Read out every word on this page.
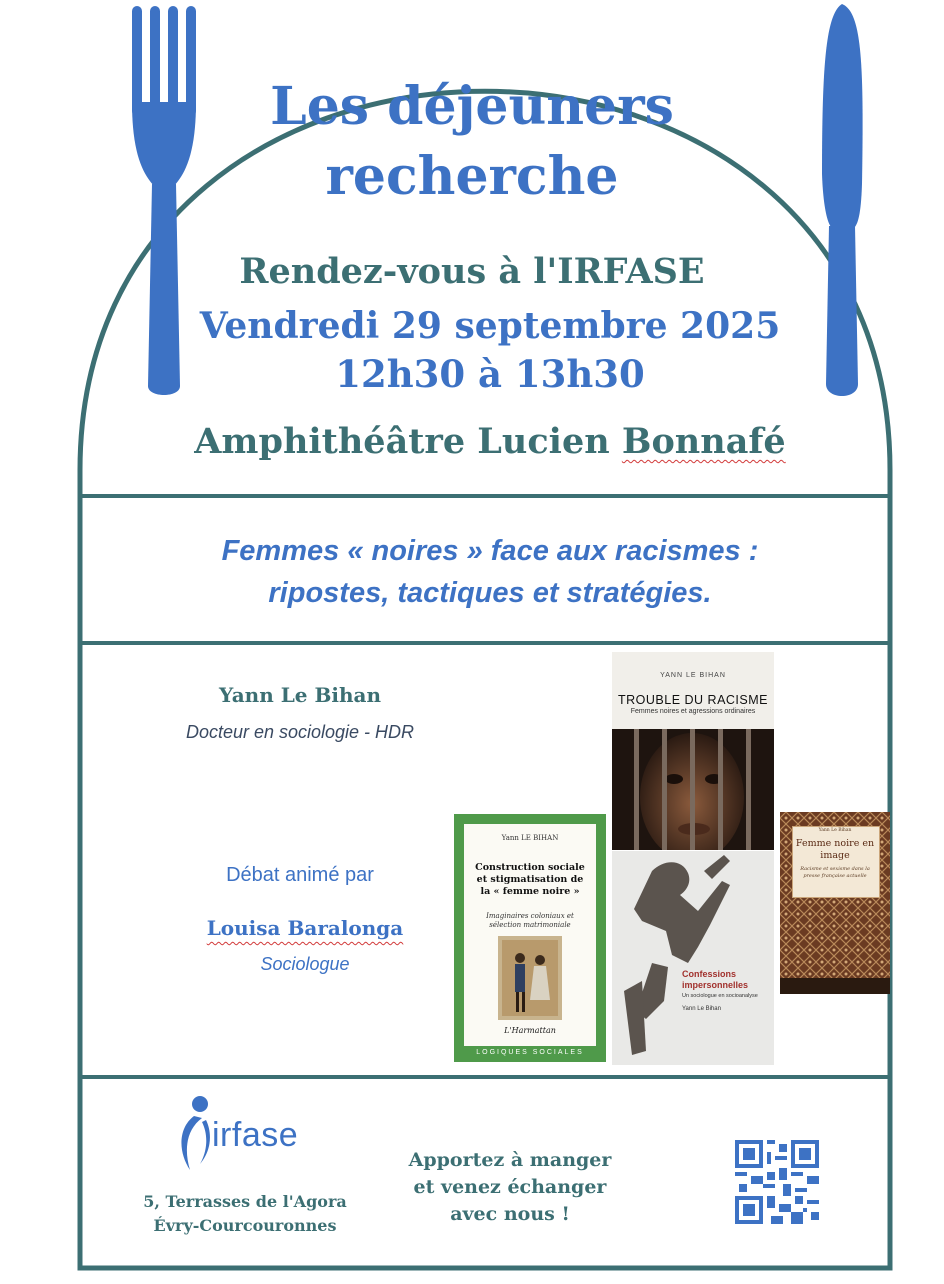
Les déjeuners
recherche
Rendez-vous à l'IRFASE
Vendredi 29 septembre 2025
12h30 à 13h30
Amphithéâtre Lucien Bonnafé
Femmes « noires » face aux racismes :
ripostes, tactiques et stratégies.
Yann Le Bihan
Docteur en sociologie - HDR
Débat animé par
Louisa Baralonga
Sociologue
YANN LE BIHAN
TROUBLE DU RACISME
Femmes noires et agressions ordinaires
Yann LE BIHAN
Construction sociale et stigmatisation de la « femme noire »
Imaginaires coloniaux et sélection matrimoniale
L'Harmattan
LOGIQUES SOCIALES
Confessions impersonnelles
Un sociologue en socioanalyse
Yann Le Bihan
Yann Le Bihan
Femme noire en image
Racisme et sexisme dans la presse française actuelle
irfase
5, Terrasses de l'Agora
Évry-Courcouronnes
Apportez à manger
et venez échanger
avec nous !
